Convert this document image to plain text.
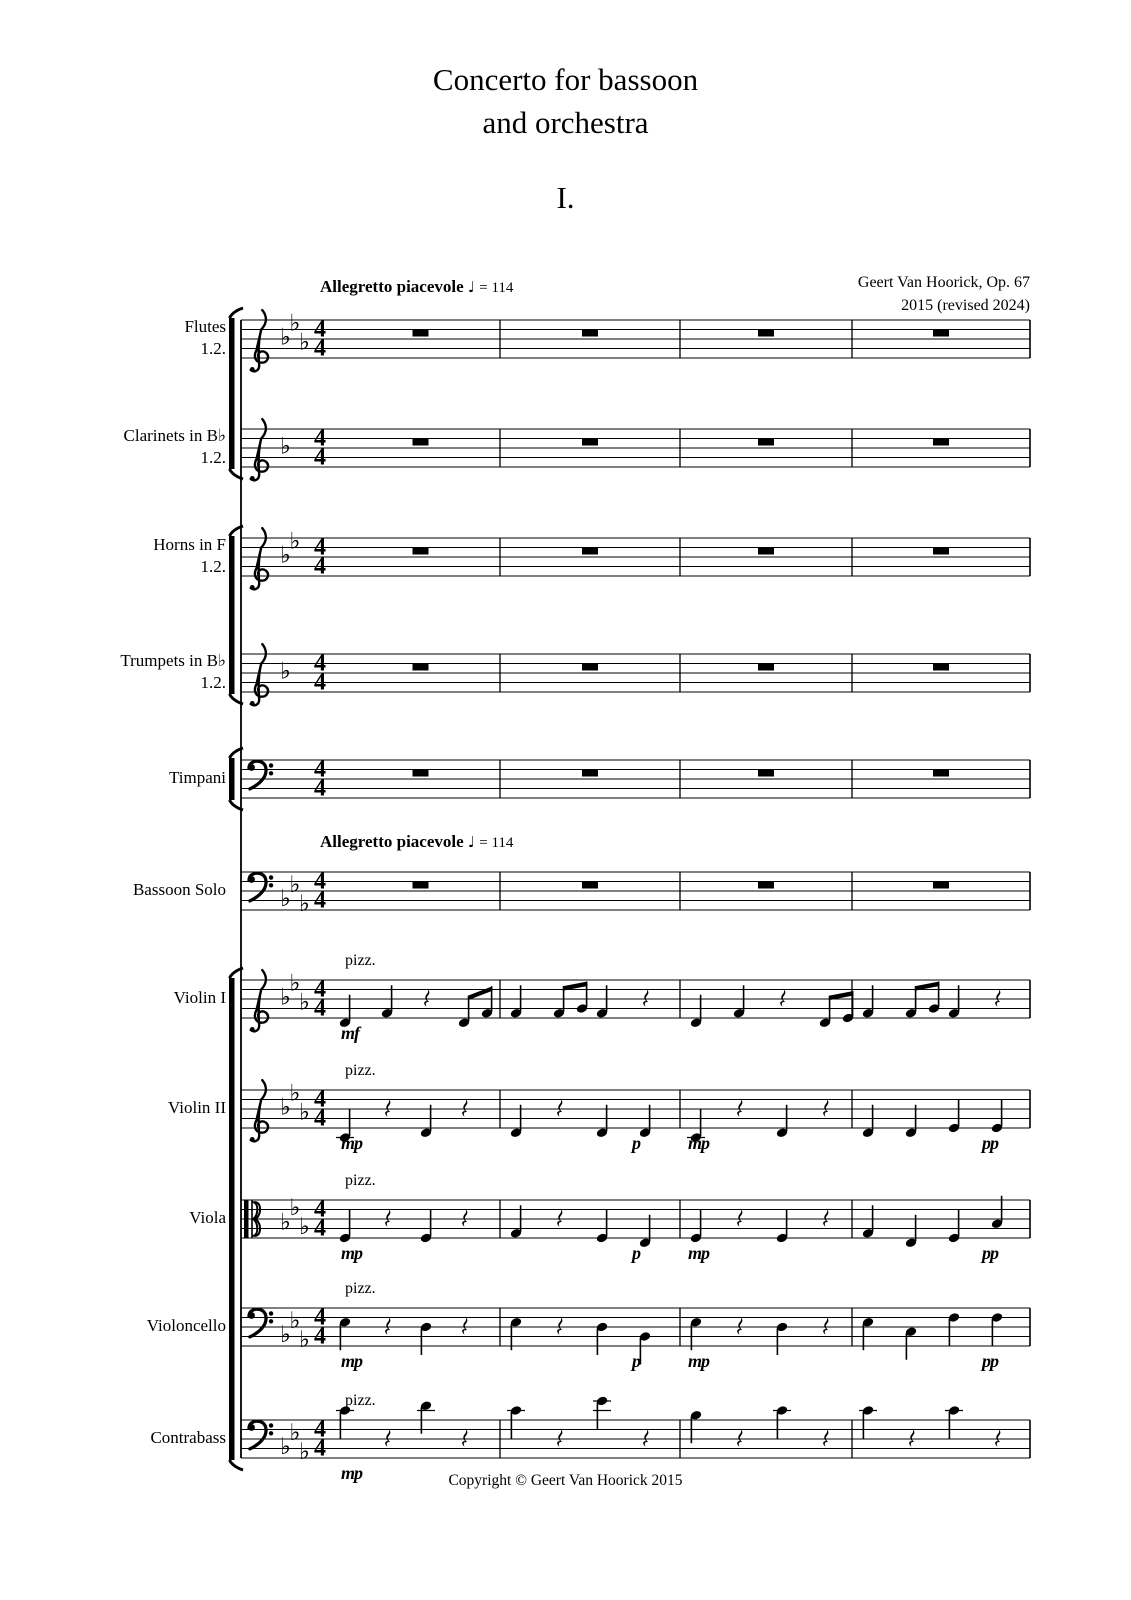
Concerto for bassoon
and orchestra
I.
Geert Van Hoorick, Op. 67
2015 (revised 2024)
Allegretto piacevole ♩ = 114
Allegretto piacevole ♩ = 114
♭
♭
♭ 4
4
♭ 4
4
♭
♭ 4
4
♭ 4
4
4
4
♭
♭
♭
4
4
♭
♭
♭ 4
4
♭
♭
♭ 4
4
♭
♭
♭
4
4
♭
♭
♭
4
4
♭
♭
♭
4
4
Flutes
1.2.
Clarinets in B♭
1.2.
Horns in F
1.2.
Trumpets in B♭
1.2.
Timpani
Bassoon Solo
Violin I
pizz.
mf
Violin II
pizz.
mp	p	mp	pp
Viola
pizz.
mp	p	mp	pp
Violoncello
pizz.
mp	p	mp	pp
Contrabass
pizz.
mp	Copyright © Geert Van Hoorick 2015
